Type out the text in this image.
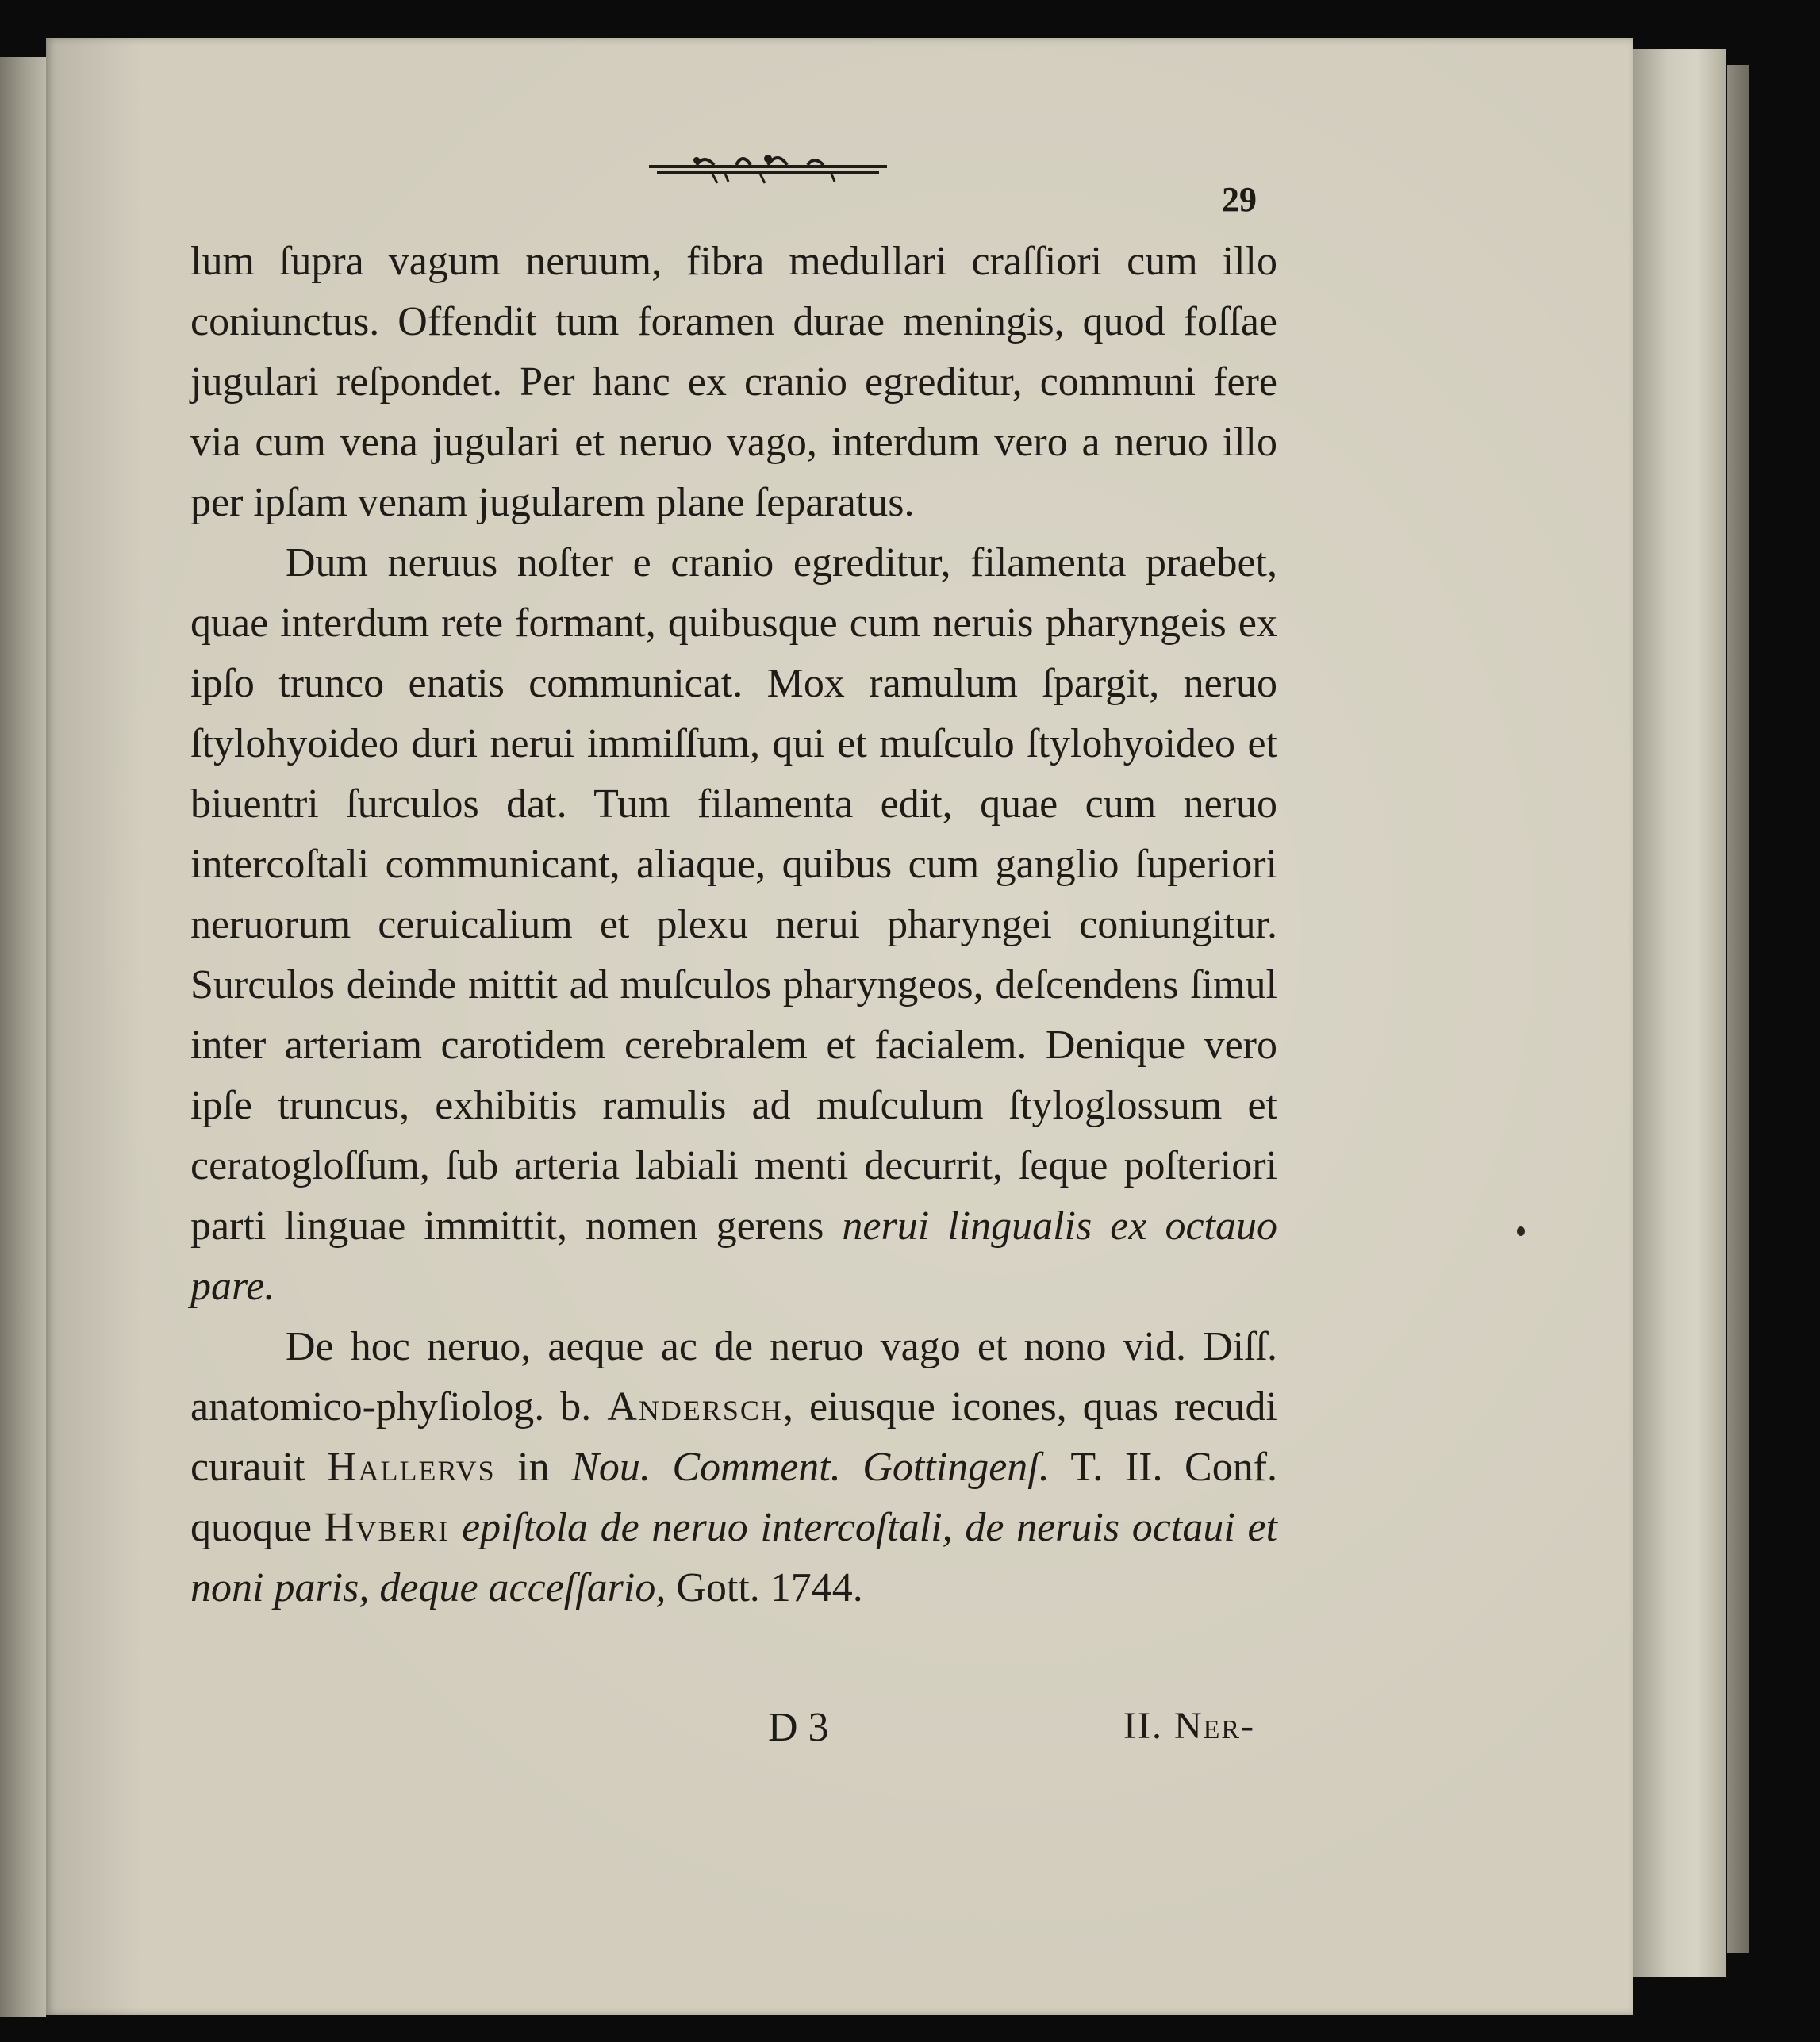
29

lum ſupra vagum neruum, fibra medullari craſſiori cum illo coniunctus. Offendit tum foramen durae meningis, quod foſſae jugulari reſpondet. Per hanc ex cranio egreditur, communi fere via cum vena jugulari et neruo vago, interdum vero a neruo illo per ipſam venam jugularem plane ſeparatus.

Dum neruus noſter e cranio egreditur, filamenta praebet, quae interdum rete formant, quibusque cum neruis pharyngeis ex ipſo trunco enatis communicat. Mox ramulum ſpargit, neruo ſtylohyoideo duri nerui immiſſum, qui et muſculo ſtylohyoideo et biuentri ſurculos dat. Tum filamenta edit, quae cum neruo intercoſtali communicant, aliaque, quibus cum ganglio ſuperiori neruorum ceruicalium et plexu nerui pharyngei coniungitur. Surculos deinde mittit ad muſculos pharyngeos, deſcendens ſimul inter arteriam carotidem cerebralem et facialem. Denique vero ipſe truncus, exhibitis ramulis ad muſculum ſtyloglossum et ceratogloſſum, ſub arteria labiali menti decurrit, ſeque poſteriori parti linguae immittit, nomen gerens nerui lingualis ex octauo pare.

De hoc neruo, aeque ac de neruo vago et nono vid. Diſſ. anatomico-phyſiolog. b. Andersch, eiusque icones, quas recudi curauit Hallervs in Nou. Comment. Gottingenſ. T. II. Conf. quoque Hvberi epiſtola de neruo intercoſtali, de neruis octaui et noni paris, deque acceſſario, Gott. 1744.

D 3	II. Ner-
